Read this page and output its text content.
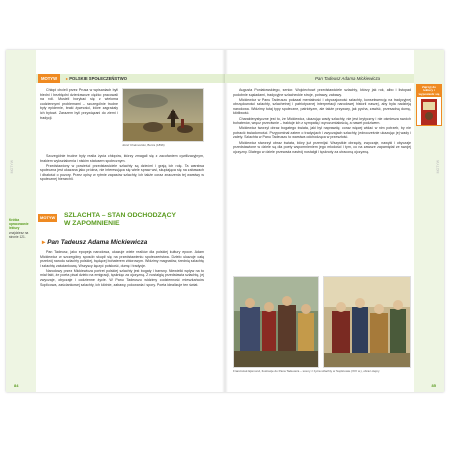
MOTYW
MOTYW	▸ POLSKIE SPOŁECZEŃSTWO

Chłopi chcieli przez Prusa w wpisaniach byli biedni i bezbłędni dzierżawcze ciężko pracowali na roli. Musieli borykać się z wieloma codziennymi problemami – szczególnie trudne były epidemie, braki żywności, które zagrażały ich bytowi. Zarazem byli przywiązani do ziemi i tradycji.

Józef Chełmoński, Burza (1896)

Szczególnie trudne były realia życia chłopów, którzy zmagali się z zacofaniem cywilizacyjnym, brakiem wykształcenia i niskim statusem społecznym.

Przedstawiony w powieści przedstawiciele szlachty są dziećmi i grają ich rolę. Ta warstwa społeczna jest ukazana jako próżna, nie interesująca się wiele spraw wsi, skupiająca się na zabawach i dbałości o pozory. Przez opisy w rytmie zapasów szlachty, ich także coraz znaczenia tej warstwy w społecznej hierarchii.

MOTYW SZLACHTA – STAN ODCHODZĄCY
W ZAPOMNIENIE
Krótka opracowanie lektury
znajdziesz na stronie 121.
▸ Pan Tadeusz Adama Mickiewicza

Pan Tadeusz, jako epopeja narodowa, ukazuje wiele realiów dla polskiej kultury epoce. Adam Mickiewicz w szczególny sposób skupił się na przedstawieniu społeczeństwa. Dzieło ukazuje całą przekrój narodu szlachty polskiej, będącej bohaterem zbiorowym. Widzimy magnatów, średnią szlachtę i szlachtę zaściankową. Wszyscy łączyć polskość, dumę i tradycje.

Narodowy przez Mickiewicza portret polskiej szlachty jest bogaty i barwny. Niewielki wpływ na to miał fakt, że poeta pisał dzieło na emigracji, tęskniąc za ojczyzną. Z nostalgią przedstawia szlachtę, jej zwyczaje, obyczaje i codzienne życie. W Panu Tadeuszu widzimy codzienność mieszkańców Soplicowa, zaściankowej szlachty, ich kłótnie, zabawy, polowania i spory. Poeta idealizuje ten świat.

84
MOTYW
Pan Tadeusz Adama Mickiewicza
Zajrzyj do lektury i wypowiedz się

Augusta Poniatowskiego, senior. Wojciechowi przedstawiciele szlachty, którzy jak rok, albo i listopad podobnie sąsiadami, tradycyjne szlacheckie stroje, potrawy, zabawy.

Mickiewicz w Panu Tadeuszu pokazał mentalność i obyczajowość szlachty, konsekwencję na tradycyjnej obrzędowości szlachty, szlachetnej i patriotycznej interpretacji narodowej historii naszej, aby była nadzieją narodowa. Widzimy tutaj typy społeczne, patriotyzm, ale także przywary, jak pycha, zawiść, przesadną dumę, kłótliwość.

Charakterystyczne jest to, że Mickiewicz, ukazując wady szlachty, nie jest krytyczny i nie ośmiesza swoich bohaterów, wręcz przeciwnie – traktuje ich z sympatią i wyrozumiałością, a nawet podziwem.

Mickiewicz tworzył obraz bogatego świata, jaki był naprawdę; coraz więcej widać w nim potrzeb, by nie potracić świadomości. Przypominał zatem o tradycjach i zwyczajach szlachty, jednocześnie ukazując jej wady i zalety. Szlachta w Panu Tadeuszu to warstwa odchodząca w przeszłość.

Mickiewicz stworzył obraz świata, który już przemijał. Wszystkie obrzędy, zwyczaje, nawyki i obyczaje przedstawione w dziele są dla poety wspomnieniem jego młodości i tym, co na zawsze zapamiętał ze swojej ojczyzny. Dlatego w dziele przeważa nastrój nostalgii i tęsknoty za utraconą ojczyzną.

Franciszek Ejsmond, Ilustracje do Pana Tadeusza – sceny z życia szlachty w Soplicowie (XIX w.), obraz olejny
85
